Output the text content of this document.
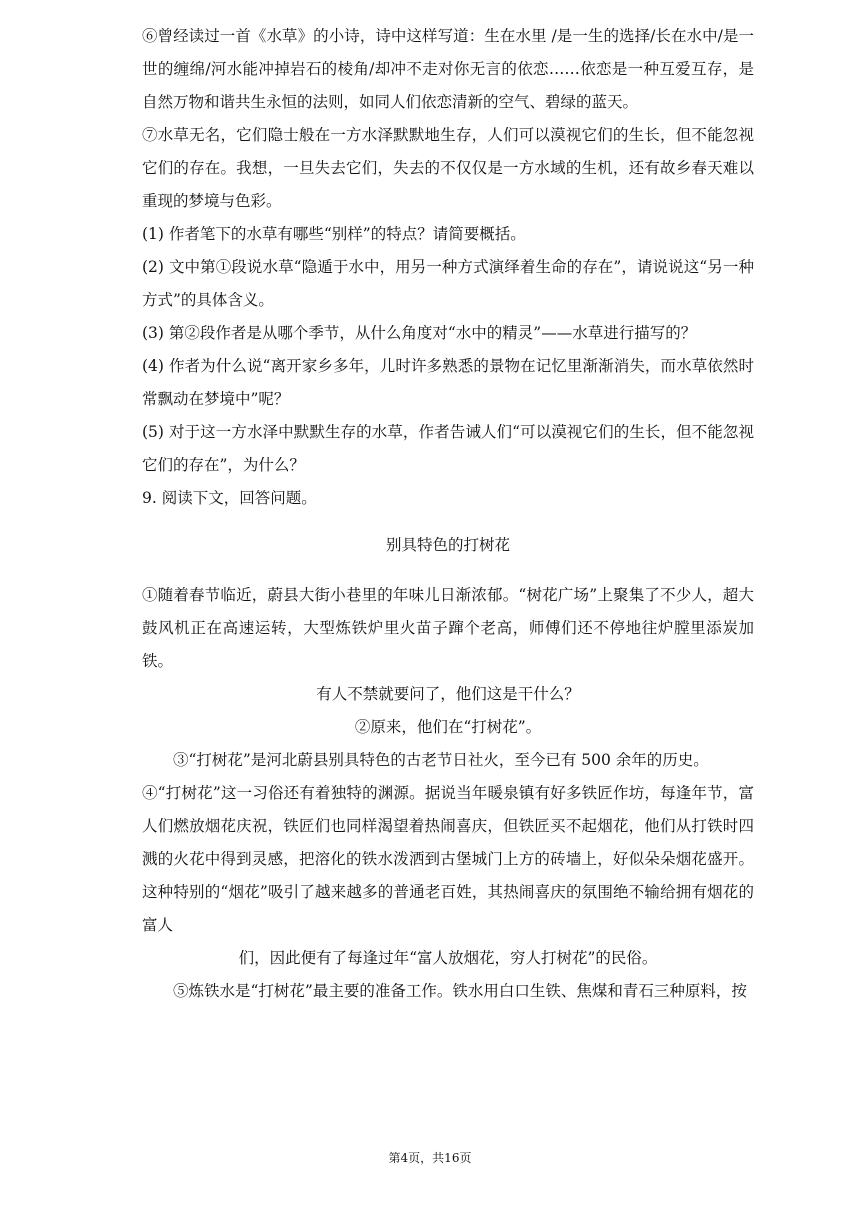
⑥曾经读过一首《水草》的小诗，诗中这样写道：生在水里 /是一生的选择/长在水中/是一世的缠绵/河水能冲掉岩石的棱角/却冲不走对你无言的依恋……依恋是一种互爱互存，是自然万物和谐共生永恒的法则，如同人们依恋清新的空气、碧绿的蓝天。

⑦水草无名，它们隐士般在一方水泽默默地生存，人们可以漠视它们的生长，但不能忽视它们的存在。我想，一旦失去它们，失去的不仅仅是一方水域的生机，还有故乡春天难以重现的梦境与色彩。

(1) 作者笔下的水草有哪些“别样”的特点？请简要概括。

(2) 文中第①段说水草“隐遁于水中，用另一种方式演绎着生命的存在”，请说说这“另一种方式”的具体含义。

(3) 第②段作者是从哪个季节，从什么角度对“水中的精灵”——水草进行描写的？

(4) 作者为什么说“离开家乡多年，儿时许多熟悉的景物在记忆里渐渐消失，而水草依然时常飘动在梦境中”呢？

(5) 对于这一方水泽中默默生存的水草，作者告诫人们“可以漠视它们的生长，但不能忽视它们的存在”，为什么？

9. 阅读下文，回答问题。

别具特色的打树花

①随着春节临近，蔚县大街小巷里的年味儿日渐浓郁。“树花广场”上聚集了不少人，超大鼓风机正在高速运转，大型炼铁炉里火苗子蹿个老高，师傅们还不停地往炉膛里添炭加铁。

有人不禁就要问了，他们这是干什么？

②原来，他们在“打树花”。

③“打树花”是河北蔚县别具特色的古老节日社火，至今已有 500 余年的历史。

④“打树花”这一习俗还有着独特的渊源。据说当年暖泉镇有好多铁匠作坊，每逢年节，富人们燃放烟花庆祝，铁匠们也同样渴望着热闹喜庆，但铁匠买不起烟花，他们从打铁时四溅的火花中得到灵感，把溶化的铁水泼洒到古堡城门上方的砖墙上，好似朵朵烟花盛开。这种特别的“烟花”吸引了越来越多的普通老百姓，其热闹喜庆的氛围绝不输给拥有烟花的富人

们，因此便有了每逢过年“富人放烟花，穷人打树花”的民俗。

⑤炼铁水是“打树花”最主要的准备工作。铁水用白口生铁、焦煤和青石三种原料，按

第4页，共16页
